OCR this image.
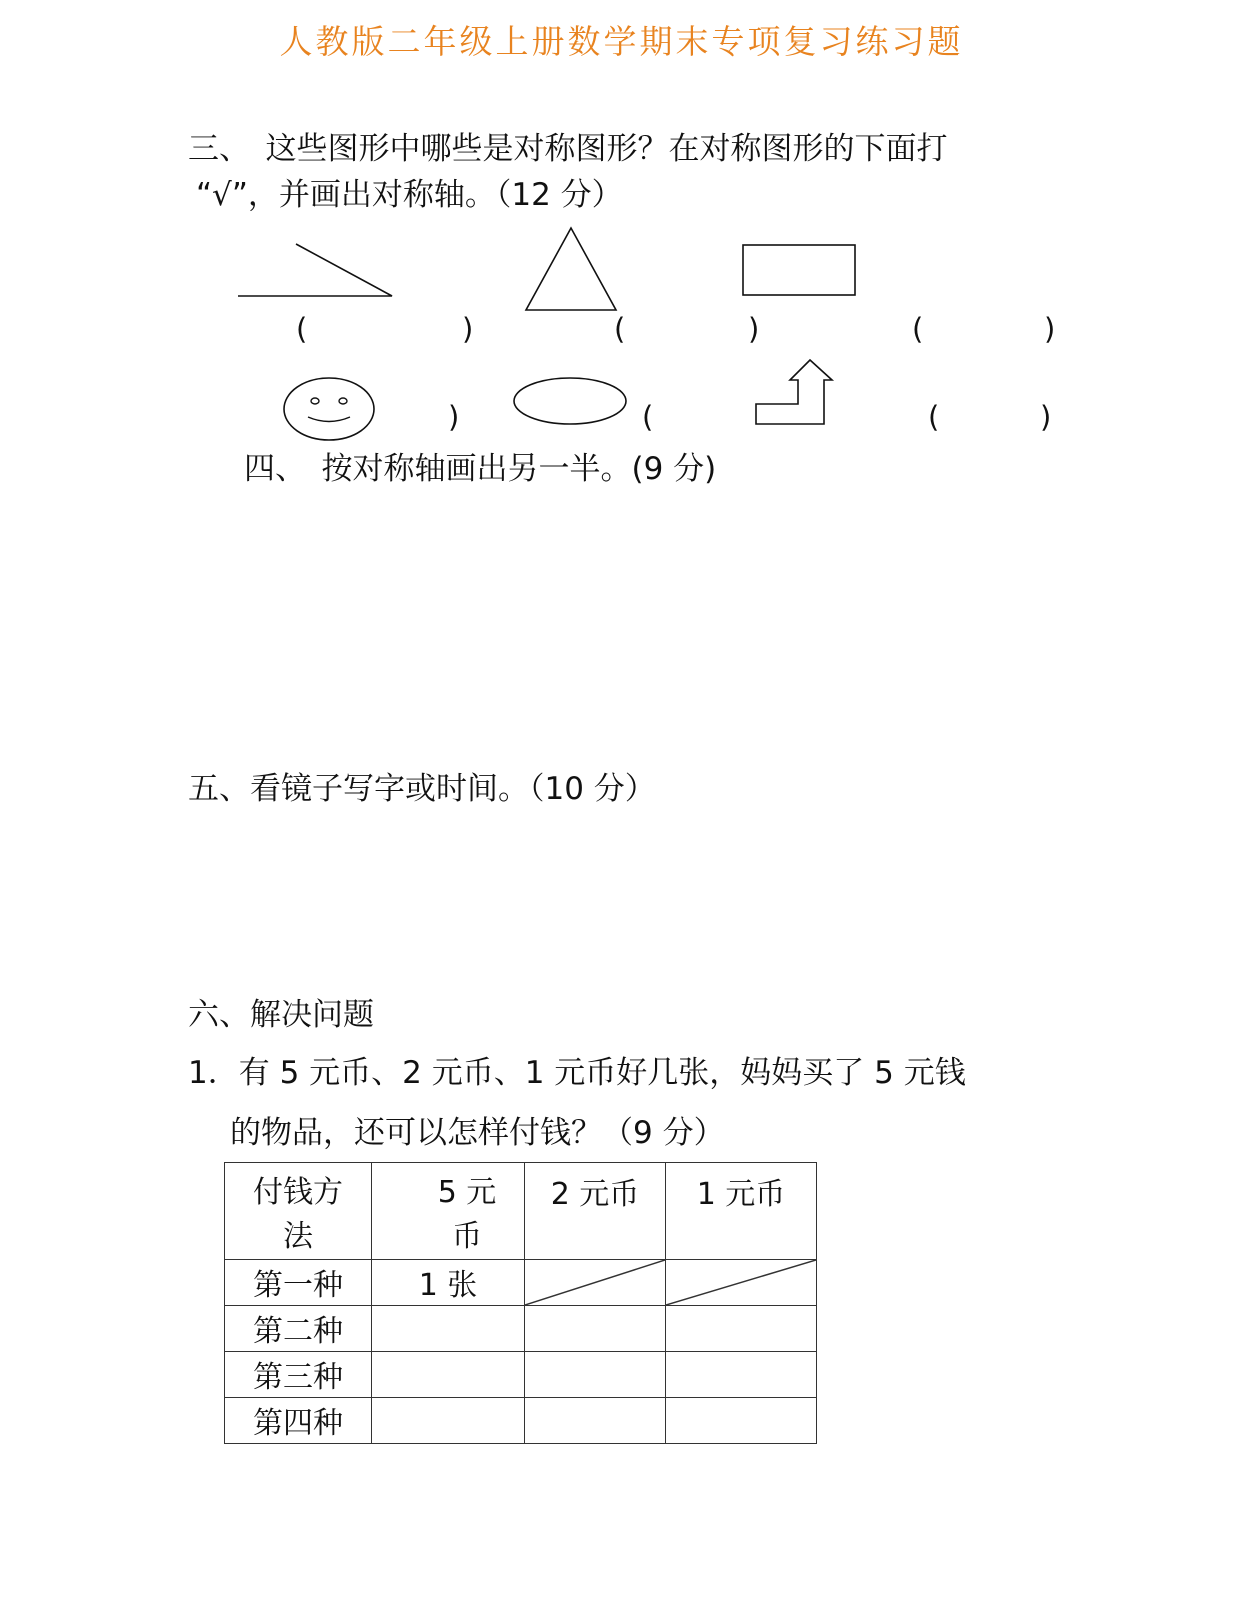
人教版二年级上册数学期末专项复习练习题
三、　这些图形中哪些是对称图形？在对称图形的下面打
“√”，并画出对称轴。（12 分）
(	)	(	)	(	)
)	(	(	)
四、　按对称轴画出另一半。(9 分)
五、看镜子写字或时间。（10 分）
六、解决问题
1．有 5 元币、2 元币、1 元币好几张，妈妈买了 5 元钱
的物品，还可以怎样付钱？（9 分）
付钱方法	5 元币	2 元币	1 元币

第一种	1 张

第二种			

第三种			

第四种			
